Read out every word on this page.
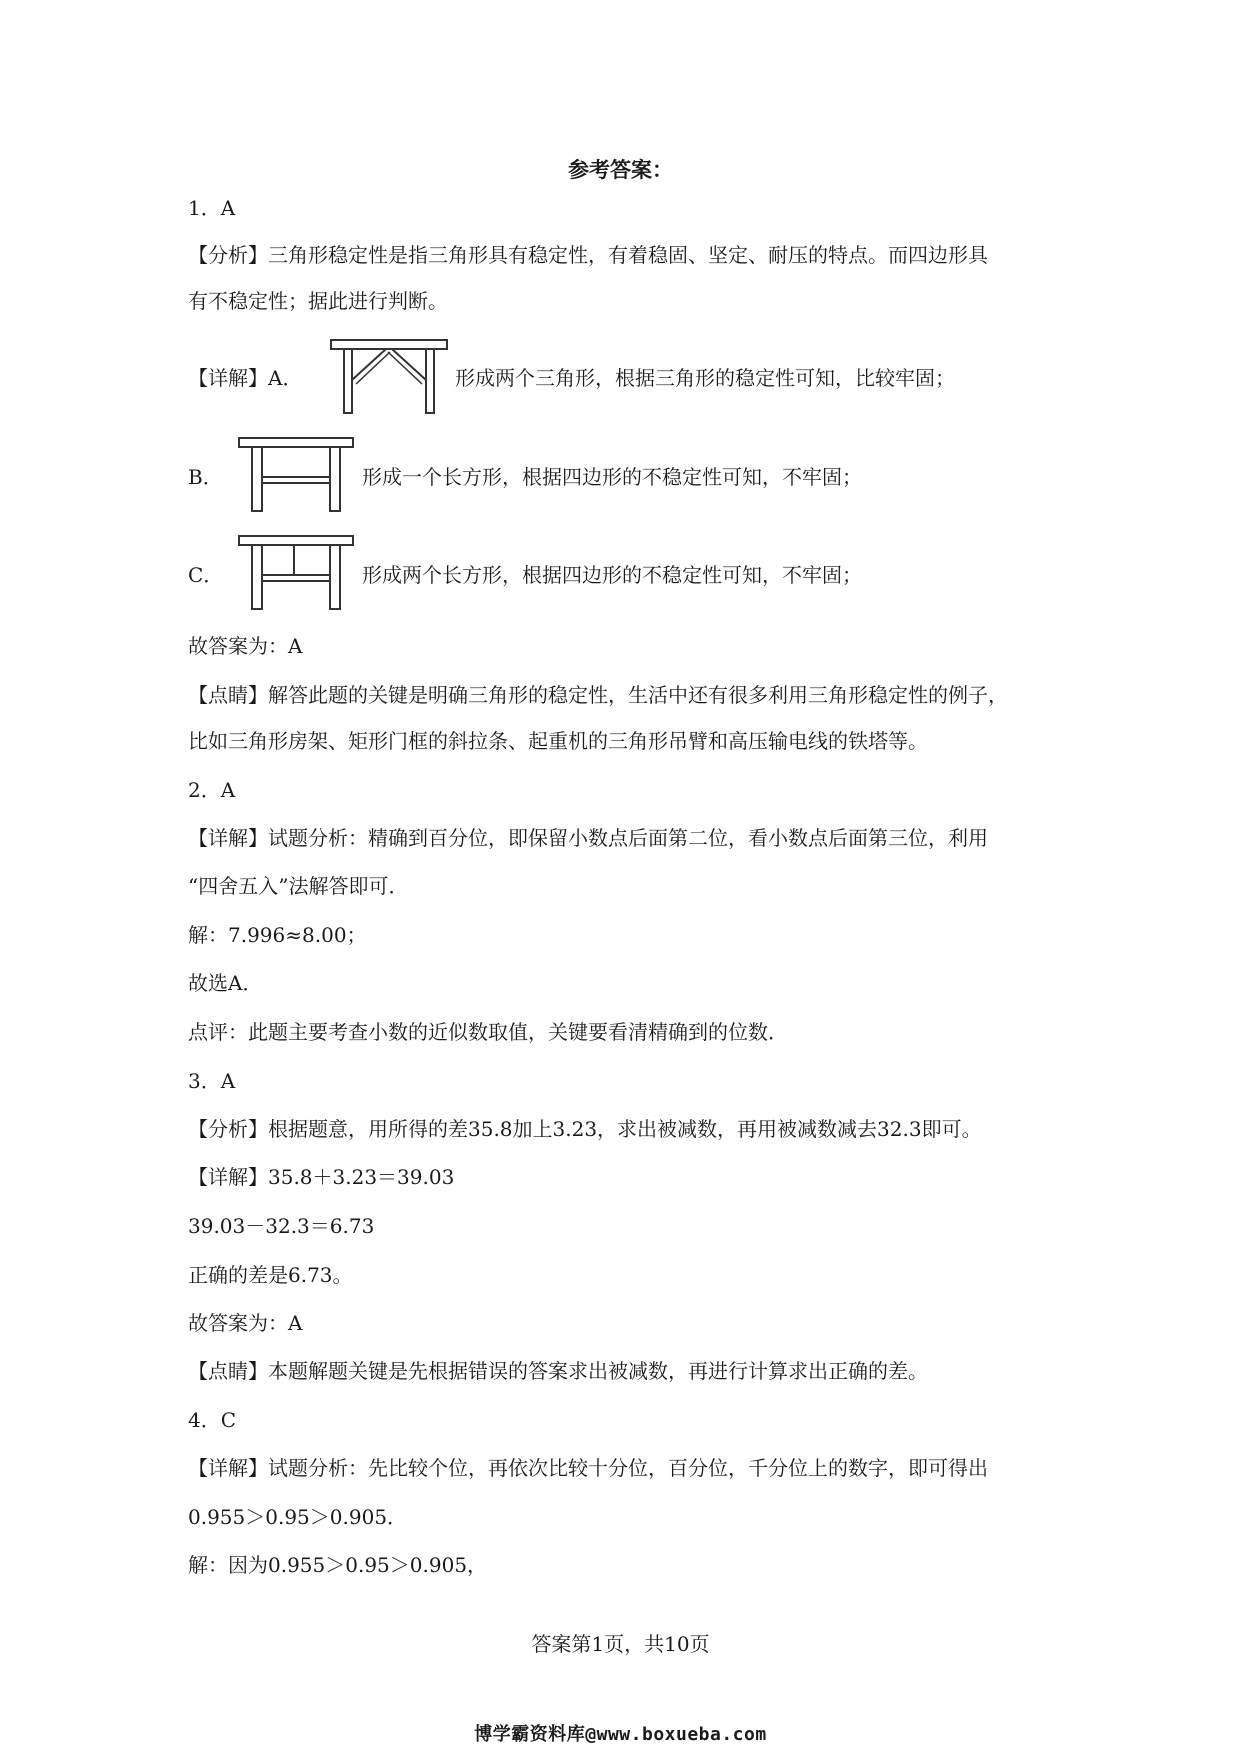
参考答案：
1．A
【分析】三角形稳定性是指三角形具有稳定性，有着稳固、坚定、耐压的特点。而四边形具
有不稳定性；据此进行判断。
【详解】A．	形成两个三角形，根据三角形的稳定性可知，比较牢固；
B．	形成一个长方形，根据四边形的不稳定性可知，不牢固；
C．	形成两个长方形，根据四边形的不稳定性可知，不牢固；
故答案为：A
【点睛】解答此题的关键是明确三角形的稳定性，生活中还有很多利用三角形稳定性的例子，
比如三角形房架、矩形门框的斜拉条、起重机的三角形吊臂和高压输电线的铁塔等。
2．A
【详解】试题分析：精确到百分位，即保留小数点后面第二位，看小数点后面第三位，利用
“四舍五入”法解答即可．
解：7.996≈8.00；
故选A．
点评：此题主要考查小数的近似数取值，关键要看清精确到的位数．
3．A
【分析】根据题意，用所得的差35.8加上3.23，求出被减数，再用被减数减去32.3即可。
【详解】35.8＋3.23＝39.03
39.03－32.3＝6.73
正确的差是6.73。
故答案为：A
【点睛】本题解题关键是先根据错误的答案求出被减数，再进行计算求出正确的差。
4．C
【详解】试题分析：先比较个位，再依次比较十分位，百分位，千分位上的数字，即可得出
0.955＞0.95＞0.905．
解：因为0.955＞0.95＞0.905，
答案第1页，共10页
博学霸资料库@www.boxueba.com
